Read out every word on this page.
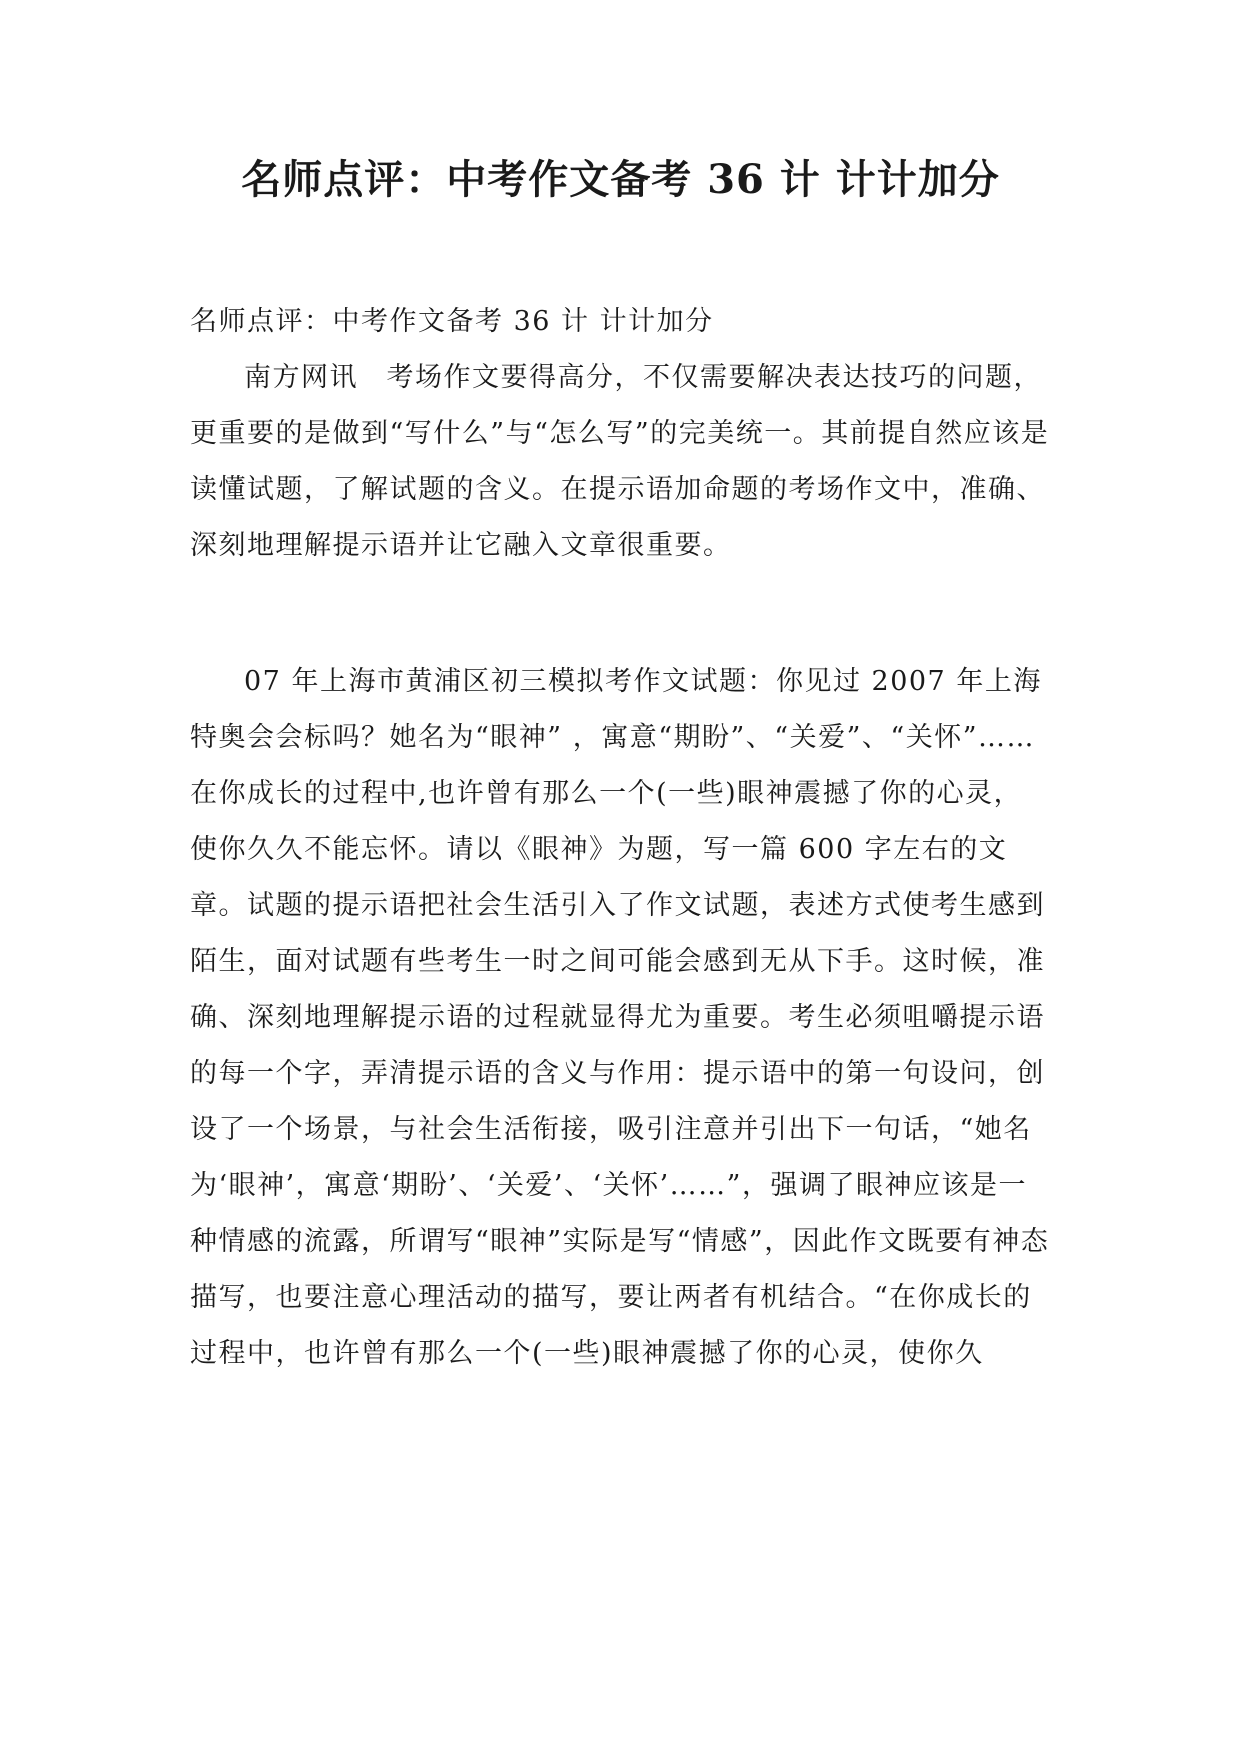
名师点评：中考作文备考 36 计 计计加分

名师点评：中考作文备考 36 计 计计加分

南方网讯　考场作文要得高分，不仅需要解决表达技巧的问题，更重要的是做到“写什么”与“怎么写”的完美统一。其前提自然应该是读懂试题，了解试题的含义。在提示语加命题的考场作文中，准确、深刻地理解提示语并让它融入文章很重要。

07 年上海市黄浦区初三模拟考作文试题：你见过 2007 年上海特奥会会标吗？她名为“眼神” ，寓意“期盼”、“关爱”、“关怀”……在你成长的过程中,也许曾有那么一个(一些)眼神震撼了你的心灵，使你久久不能忘怀。请以《眼神》为题，写一篇 600 字左右的文章。试题的提示语把社会生活引入了作文试题，表述方式使考生感到陌生，面对试题有些考生一时之间可能会感到无从下手。这时候，准确、深刻地理解提示语的过程就显得尤为重要。考生必须咀嚼提示语的每一个字，弄清提示语的含义与作用：提示语中的第一句设问，创设了一个场景，与社会生活衔接，吸引注意并引出下一句话，“她名为‘眼神’，寓意‘期盼’、‘关爱’、‘关怀’……”，强调了眼神应该是一种情感的流露，所谓写“眼神”实际是写“情感”，因此作文既要有神态描写，也要注意心理活动的描写，要让两者有机结合。“在你成长的过程中，也许曾有那么一个(一些)眼神震撼了你的心灵，使你久
